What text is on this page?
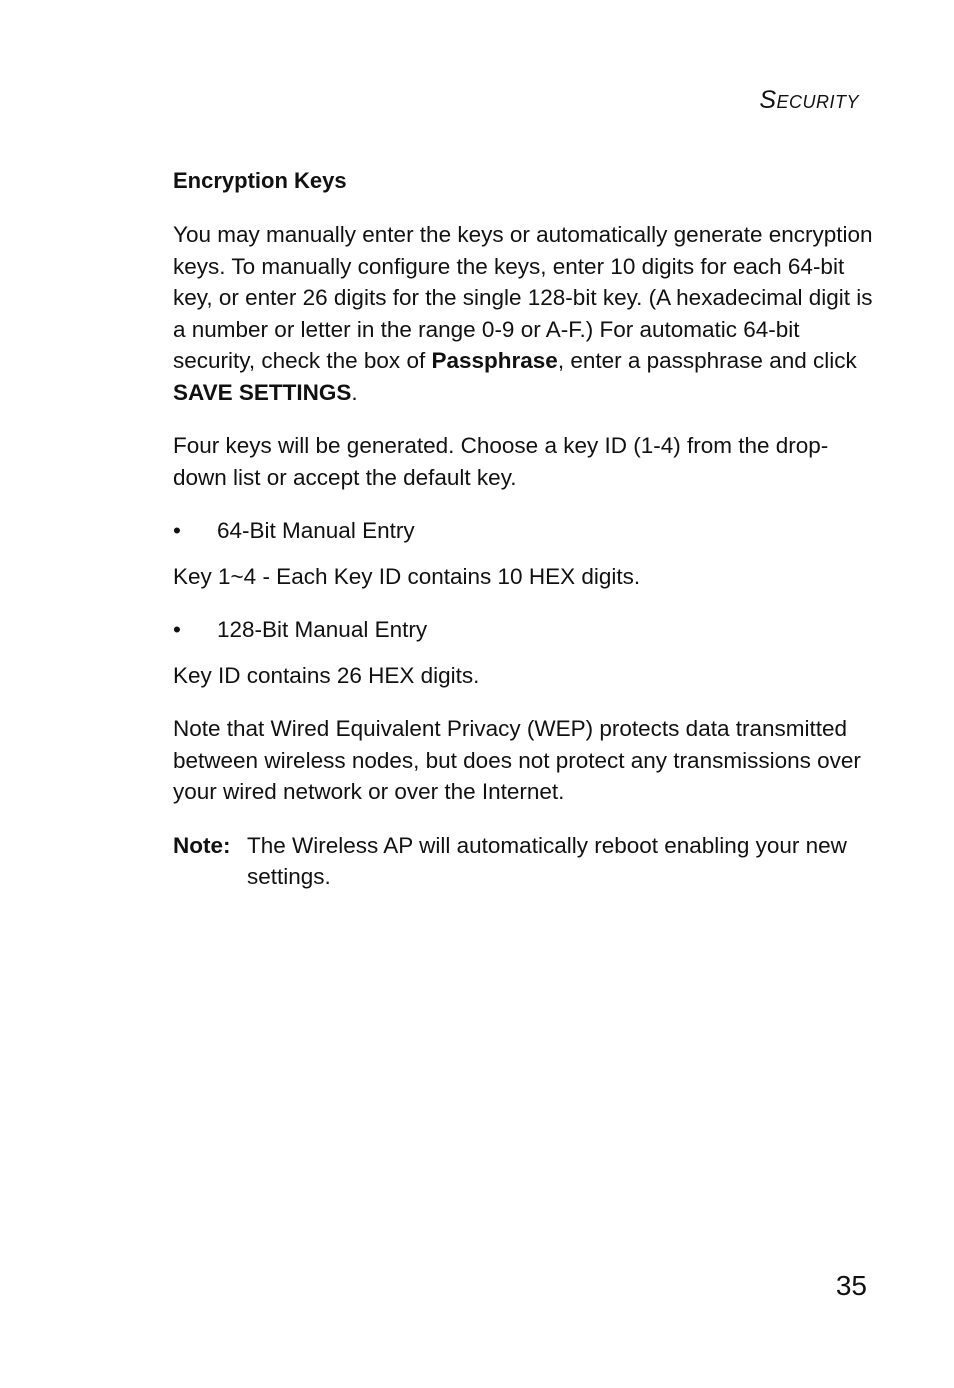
Security
Encryption Keys

You may manually enter the keys or automatically generate encryption keys. To manually configure the keys, enter 10 digits for each 64-bit key, or enter 26 digits for the single 128-bit key. (A hexadecimal digit is a number or letter in the range 0-9 or A-F.) For automatic 64-bit security, check the box of Passphrase, enter a passphrase and click SAVE SETTINGS.

Four keys will be generated. Choose a key ID (1-4) from the drop-down list or accept the default key.

•	64-Bit Manual Entry
Key 1~4 - Each Key ID contains 10 HEX digits.
•	128-Bit Manual Entry
Key ID contains 26 HEX digits.

Note that Wired Equivalent Privacy (WEP) protects data transmitted between wireless nodes, but does not protect any transmissions over your wired network or over the Internet.

Note: The Wireless AP will automatically reboot enabling your new settings.
35
